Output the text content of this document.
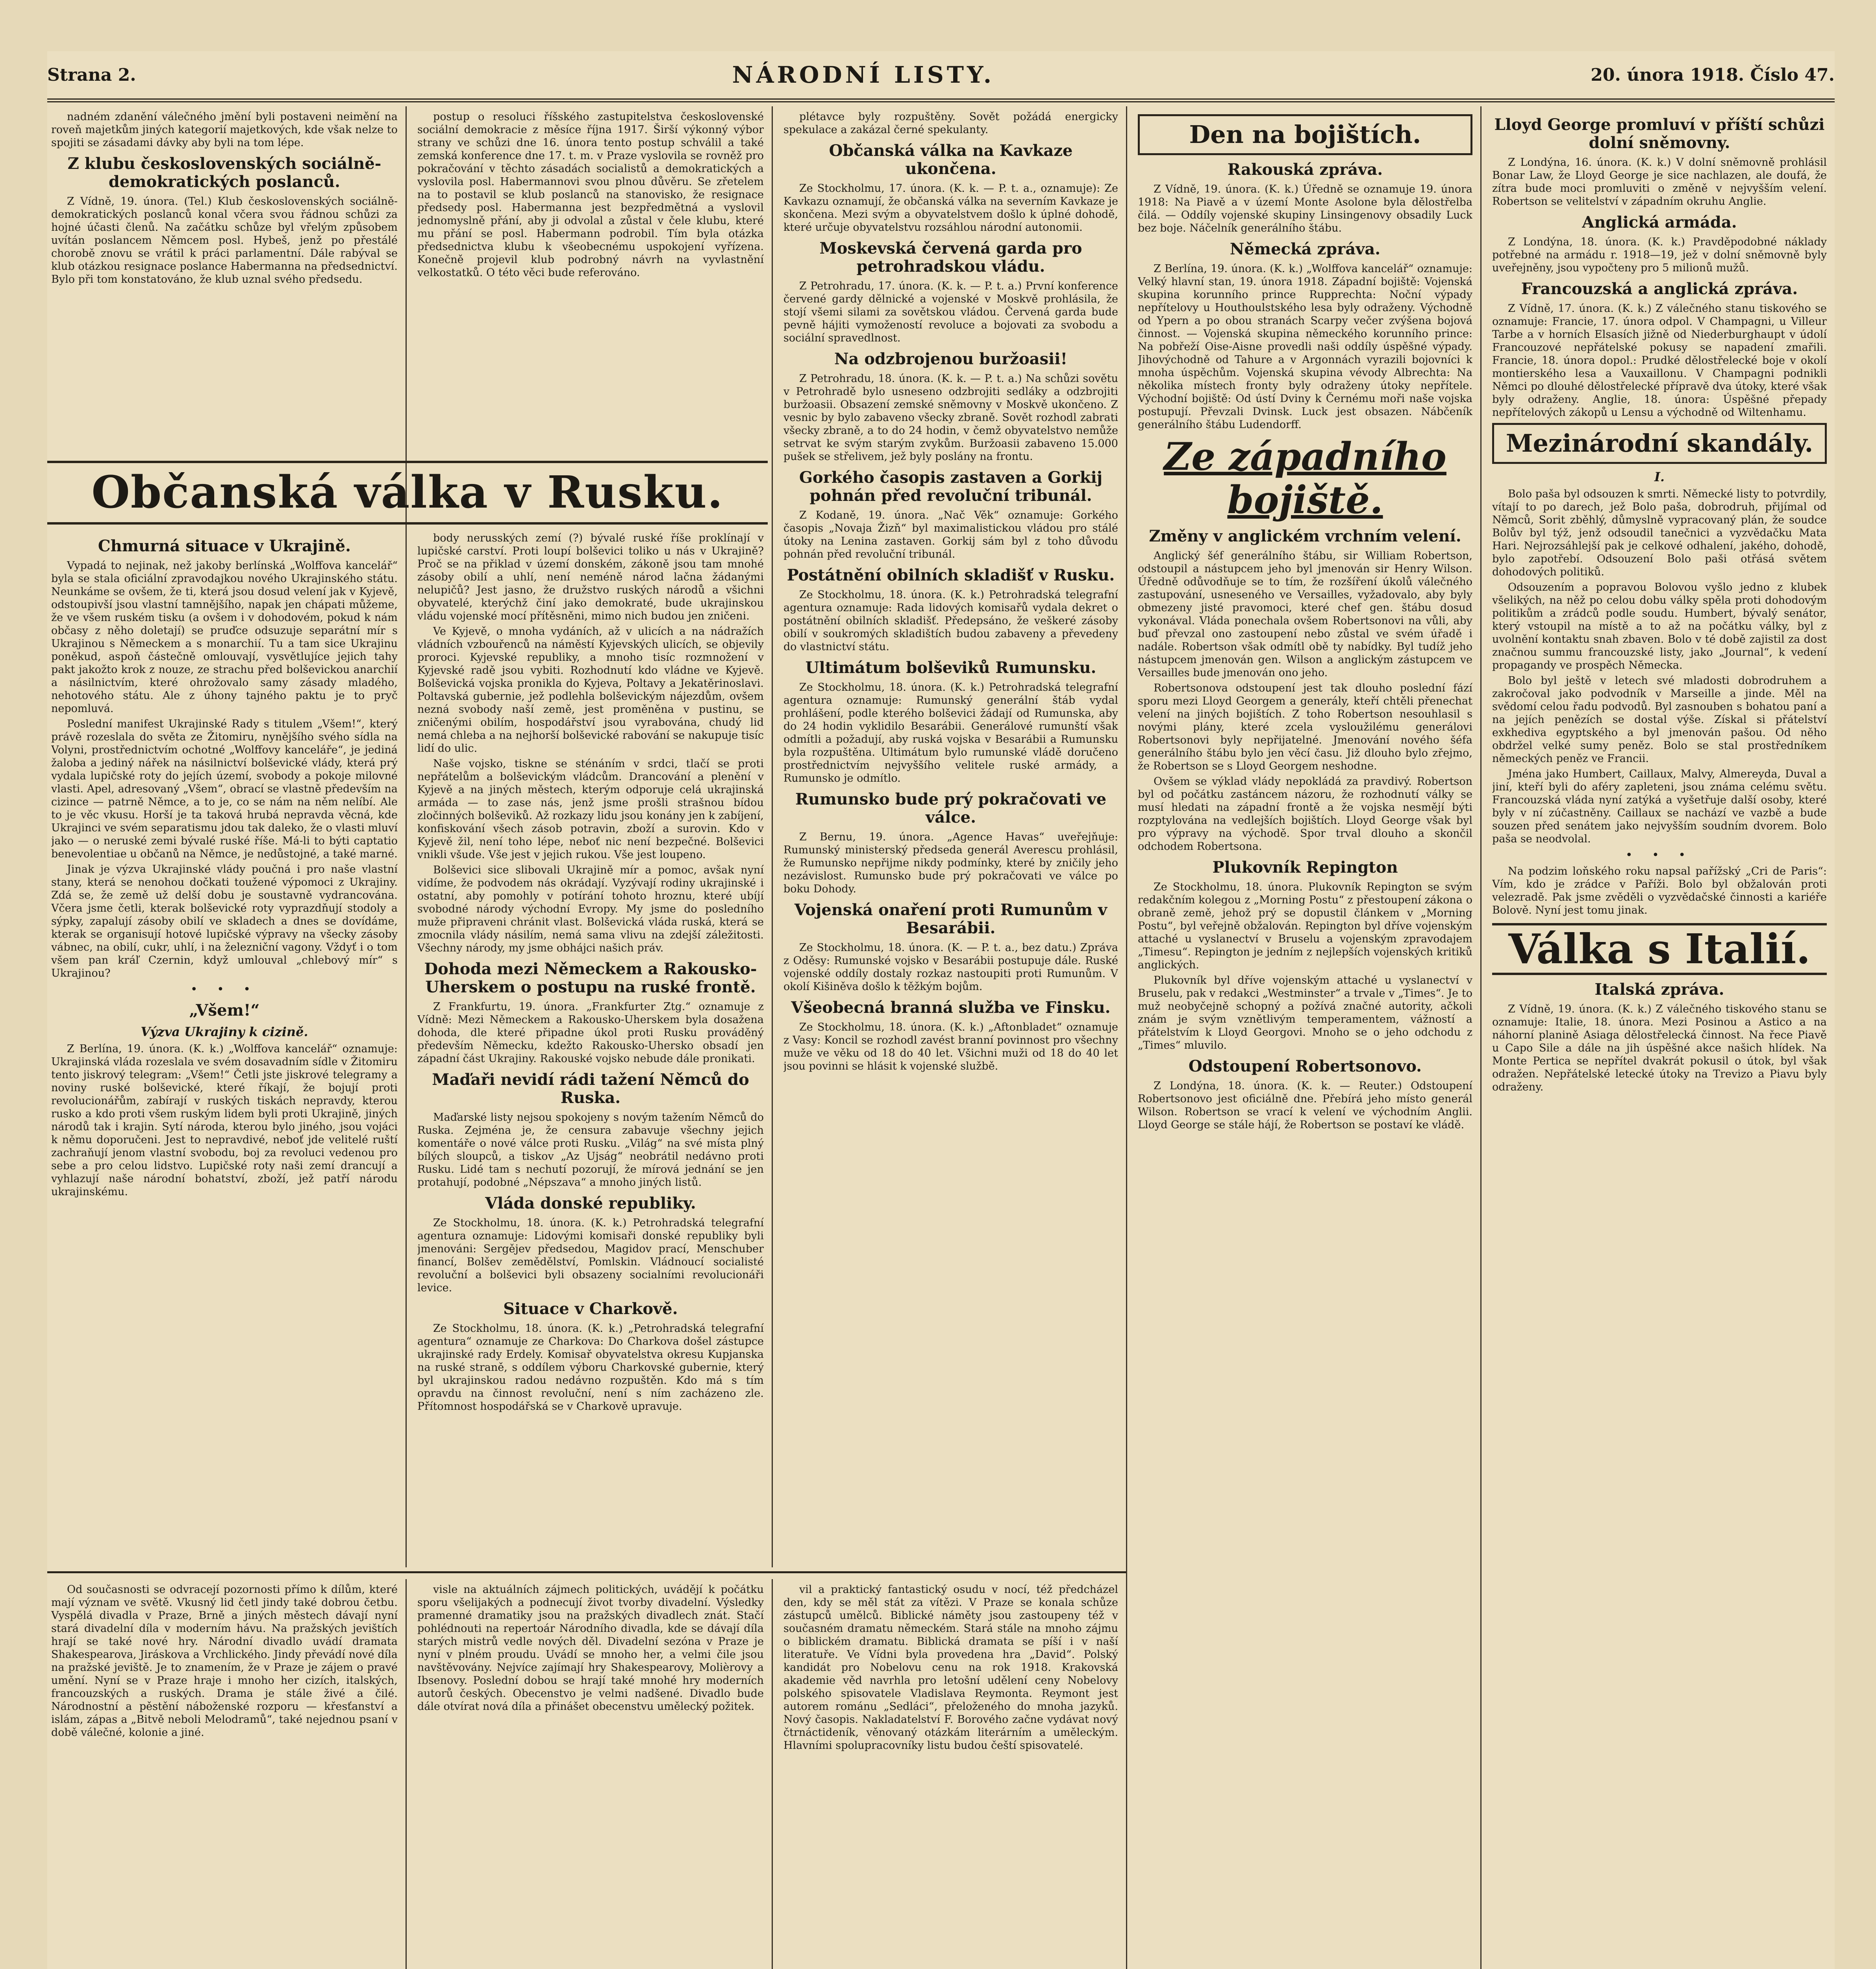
Strana 2.	NÁRODNÍ LISTY.	20. února 1918. Číslo 47.

nadném zdanění válečného jmění byli postaveni neimění na roveň majetkům jiných kategorií majetkových, kde však nelze to spojiti se zásadami dávky aby byli na tom lépe.

Z klubu československých sociálně-demokratických poslanců.

Z Vídně, 19. února. (Tel.) Klub československých sociálně-demokratických poslanců konal včera svou řádnou schůzi za hojné účasti členů. Na začátku schůze byl vřelým způsobem uvítán poslancem Němcem posl. Hybeš, jenž po přestálé chorobě znovu se vrátil k práci parlamentní. Dále rabýval se klub otázkou resignace poslance Habermanna na předsednictví. Bylo při tom konstatováno, že klub uznal svého předsedu.

postup o resoluci říšského zastupitelstva československé sociální demokracie z měsíce října 1917. Širší výkonný výbor strany ve schůzi dne 16. února tento postup schválil a také zemská konference dne 17. t. m. v Praze vyslovila se rovněž pro pokračování v těchto zásadách socialistů a demokratických a vyslovila posl. Habermannovi svou plnou důvěru. Se zřetelem na to postavil se klub poslanců na stanovisko, že resignace předsedy posl. Habermanna jest bezpředmětná a vyslovil jednomyslně přání, aby ji odvolal a zůstal v čele klubu, které mu přání se posl. Habermann podrobil. Tím byla otázka předsednictva klubu k všeobecnému uspokojení vyřízena. Konečně projevil klub podrobný návrh na vyvlastnění velkostatků. O této věci bude referováno.

Občanská válka v Rusku.
Chmurná situace v Ukrajině.

Vypadá to nejinak, než jakoby berlínská „Wolffova kancelář“ byla se stala oficiální zpravodajkou nového Ukrajinského státu. Neunkáme se ovšem, že ti, která jsou dosud velení jak v Kyjevě, odstoupivší jsou vlastní tamnějšího, napak jen chápati můžeme, že ve všem ruském tisku (a ovšem i v dohodovém, pokud k nám občasy z něho doletají) se pruďce odsuzuje separátní mír s Ukrajinou s Německem a s monarchií. Tu a tam sice Ukrajinu poněkud, aspoň částečně omlouvají, vysvětlujíce jejich tahy pakt jakožto krok z nouze, ze strachu před bolševickou anarchií a násilnictvím, které ohrožovalo samy zásady mladého, nehotového státu. Ale z úhony tajného paktu je to pryč nepomluvá.

Poslední manifest Ukrajinské Rady s titulem „Všem!“, který právě rozeslala do světa ze Žitomiru, nynějšího svého sídla na Volyni, prostřednictvím ochotné „Wolffovy kanceláře“, je jediná žaloba a jediný nářek na násilnictví bolševické vlády, která prý vydala lupičské roty do jejích území, svobody a pokoje milovné vlasti. Apel, adresovaný „Všem“, obrací se vlastně především na cizince — patrně Němce, a to je, co se nám na něm nelíbí. Ale to je věc vkusu. Horší je ta taková hrubá nepravda věcná, kde Ukrajinci ve svém separatismu jdou tak daleko, že o vlasti mluví jako — o neruské zemi bývalé ruské říše. Má-li to býti captatio benevolentiae u občanů na Němce, je nedůstojné, a také marné.

Jinak je výzva Ukrajinské vlády poučná i pro naše vlastní stany, která se nenohou dočkati toužené výpomoci z Ukrajiny. Zdá se, že země už delší dobu je soustavně vydrancována. Včera jsme četli, kterak bolševické roty vyprazdňují stodoly a sýpky, zapalují zásoby obilí ve skladech a dnes se dovídáme, kterak se organisují hotové lupičské výpravy na všecky zásoby vábnec, na obilí, cukr, uhlí, i na železniční vagony. Vždyť i o tom všem pan kráľ Czernin, když umlouval „chlebový mír“ s Ukrajinou?

• • •
„Všem!“
Výzva Ukrajiny k cizině.

Z Berlína, 19. února. (K. k.) „Wolffova kancelář“ oznamuje: Ukrajinská vláda rozeslala ve svém dosavadním sídle v Žitomiru tento jiskrový telegram: „Všem!“ Četli jste jiskrové telegramy a noviny ruské bolševické, které říkají, že bojují proti revolucionářům, zabírají v ruských tiskách nepravdy, kterou rusko a kdo proti všem ruským lidem byli proti Ukrajině, jiných národů tak i krajin. Sytí národa, kterou bylo jiného, jsou vojáci k němu doporučeni. Jest to nepravdivé, neboť jde velitelé ruští zachraňují jenom vlastní svobodu, boj za revoluci vedenou pro sebe a pro celou lidstvo. Lupičské roty naši zemí drancují a vyhlazují naše národní bohatství, zboží, jež patří národu ukrajinskému.

body nerusských zemí (?) bývalé ruské říše proklínají v lupičské carství. Proti loupí bolševici toliko u nás v Ukrajině? Proč se na přiklad v území donském, zákoně jsou tam mnohé zásoby obilí a uhlí, není neméně národ lačna žádanými nelupičů? Jest jasno, že družstvo ruských národů a všichni obyvatelé, kterýchž činí jako demokraté, bude ukrajinskou vládu vojenské mocí přítěsněni, mimo nich budou jen zničeni.

Ve Kyjevě, o mnoha vydáních, až v ulicích a na nádražích vládních vzbouřenců na náměstí Kyjevských ulicích, se objevily proroci. Kyjevské republiky, a mnoho tisíc rozmnožení v Kyjevské radě jsou vybiti. Rozhodnutí kdo vládne ve Kyjevě. Bolševická vojska pronikla do Kyjeva, Poltavy a Jekatěrinoslavi. Poltavská gubernie, jež podlehla bolševickým nájezdům, ovšem nezná svobody naší země, jest proměněna v pustinu, se zničenými obilím, hospodářství jsou vyrabována, chudý lid nemá chleba a na nejhorší bolševické rabování se nakupuje tisíc lidí do ulic.

Naše vojsko, tiskne se sténáním v srdci, tlačí se proti nepřátelům a bolševickým vládcům. Drancování a plenění v Kyjevě a na jiných městech, kterým odporuje celá ukrajinská armáda — to zase nás, jenž jsme prošli strašnou bídou zločinných bolševiků. Až rozkazy lidu jsou konány jen k zabíjení, konfiskování všech zásob potravin, zboží a surovin. Kdo v Kyjevě žil, není toho lépe, neboť nic není bezpečné. Bolševici vnikli všude. Vše jest v jejich rukou. Vše jest loupeno.

Bolševici sice slibovali Ukrajině mír a pomoc, avšak nyní vidíme, že podvodem nás okrádají. Vyzývají rodiny ukrajinské i ostatní, aby pomohly v potírání tohoto hroznu, které ubíjí svobodné národy východní Evropy. My jsme do posledního muže připraveni chránit vlast. Bolševická vláda ruská, která se zmocnila vlády násilím, nemá sama vlivu na zdejší záležitosti. Všechny národy, my jsme obhájci našich práv.

Dohoda mezi Německem a Rakousko-Uherskem o postupu na ruské frontě.

Z Frankfurtu, 19. února. „Frankfurter Ztg.“ oznamuje z Vídně: Mezi Německem a Rakousko-Uherskem byla dosažena dohoda, dle které připadne úkol proti Rusku prováděný především Německu, kdežto Rakousko-Uhersko obsadí jen západní část Ukrajiny. Rakouské vojsko nebude dále pronikati.

Maďaři nevidí rádi tažení Němců do Ruska.

Maďarské listy nejsou spokojeny s novým tažením Němců do Ruska. Zejména je, že censura zabavuje všechny jejich komentáře o nové válce proti Rusku. „Világ“ na své místa plný bílých sloupců, a tiskov „Az Ujság“ neobrátil nedávno proti Rusku. Lidé tam s nechutí pozorují, že mírová jednání se jen protahují, podobné „Népszava“ a mnoho jiných listů.

Vláda donské republiky.

Ze Stockholmu, 18. února. (K. k.) Petrohradská telegrafní agentura oznamuje: Lidovými komisaři donské republiky byli jmenováni: Sergějev předsedou, Magidov prací, Menschuber financí, Bolšev zemědělství, Pomlskin. Vládnoucí socialisté revoluční a bolševici byli obsazeny socialními revolucionáři levice.

Situace v Charkově.

Ze Stockholmu, 18. února. (K. k.) „Petrohradská telegrafní agentura“ oznamuje ze Charkova: Do Charkova došel zástupce ukrajinské rady Erdely. Komisař obyvatelstva okresu Kupjanska na ruské straně, s oddílem výboru Charkovské gubernie, který byl ukrajinskou radou nedávno rozpuštěn. Kdo má s tím opravdu na činnost revoluční, není s ním zacházeno zle. Přítomnost hospodářská se v Charkově upravuje.

plétavce byly rozpuštěny. Sovět požádá energicky spekulace a zakázal černé spekulanty.

Občanská válka na Kavkaze ukončena.

Ze Stockholmu, 17. února. (K. k. — P. t. a., oznamuje): Ze Kavkazu oznamují, že občanská válka na severním Kavkaze je skončena. Mezi svým a obyvatelstvem došlo k úplné dohodě, které určuje obyvatelstvu rozsáhlou národní autonomii.

Moskevská červená garda pro petrohradskou vládu.

Z Petrohradu, 17. února. (K. k. — P. t. a.) První konference červené gardy dělnické a vojenské v Moskvě prohlásila, že stojí všemi silami za sovětskou vládou. Červená garda bude pevně hájiti vymožeností revoluce a bojovati za svobodu a sociální spravedlnost.

Na odzbrojenou buržoasii!

Z Petrohradu, 18. února. (K. k. — P. t. a.) Na schůzi sovětu v Petrohradě bylo usneseno odzbrojiti sedláky a odzbrojiti buržoasii. Obsazení zemské sněmovny v Moskvě ukončeno. Z vesnic by bylo zabaveno všecky zbraně. Sovět rozhodl zabrati všecky zbraně, a to do 24 hodin, v čemž obyvatelstvo nemůže setrvat ke svým starým zvykům. Buržoasii zabaveno 15.000 pušek se střelivem, jež byly poslány na frontu.

Gorkého časopis zastaven a Gorkij pohnán před revoluční tribunál.

Z Kodaně, 19. února. „Nač Věk“ oznamuje: Gorkého časopis „Novaja Žizň“ byl maximalistickou vládou pro stálé útoky na Lenina zastaven. Gorkij sám byl z toho důvodu pohnán před revoluční tribunál.

Postátnění obilních skladišť v Rusku.

Ze Stockholmu, 18. února. (K. k.) Petrohradská telegrafní agentura oznamuje: Rada lidových komisařů vydala dekret o postátnění obilních skladišť. Předepsáno, že veškeré zásoby obilí v soukromých skladištích budou zabaveny a převedeny do vlastnictví státu.

Ultimátum bolševiků Rumunsku.

Ze Stockholmu, 18. února. (K. k.) Petrohradská telegrafní agentura oznamuje: Rumunský generální štáb vydal prohlášení, podle kterého bolševici žádají od Rumunska, aby do 24 hodin vyklidilo Besarábii. Generálové rumunští však odmítli a požadují, aby ruská vojska v Besarábii a Rumunsku byla rozpuštěna. Ultimátum bylo rumunské vládě doručeno prostřednictvím nejvyššího velitele ruské armády, a Rumunsko je odmítlo.

Rumunsko bude prý pokračovati ve válce.

Z Bernu, 19. února. „Agence Havas“ uveřejňuje: Rumunský ministerský předseda generál Averescu prohlásil, že Rumunsko nepřijme nikdy podmínky, které by zničily jeho nezávislost. Rumunsko bude prý pokračovati ve válce po boku Dohody.

Vojenská onaření proti Rumunům v Besarábii.

Ze Stockholmu, 18. února. (K. — P. t. a., bez datu.) Zpráva z Oděsy: Rumunské vojsko v Besarábii postupuje dále. Ruské vojenské oddíly dostaly rozkaz nastoupiti proti Rumunům. V okolí Kišiněva došlo k těžkým bojům.

Všeobecná branná služba ve Finsku.

Ze Stockholmu, 18. února. (K. k.) „Aftonbladet“ oznamuje z Vasy: Koncil se rozhodl zavést branní povinnost pro všechny muže ve věku od 18 do 40 let. Všichni muži od 18 do 40 let jsou povinni se hlásit k vojenské službě.

Den na bojištích.
Rakouská zpráva.

Z Vídně, 19. února. (K. k.) Úředně se oznamuje 19. února 1918: Na Piavě a v území Monte Asolone byla dělostřelba čilá. — Oddíly vojenské skupiny Linsingenovy obsadily Luck bez boje. Náčelník generálního štábu.

Německá zpráva.

Z Berlína, 19. února. (K. k.) „Wolffova kancelář“ oznamuje: Velký hlavní stan, 19. února 1918. Západní bojiště: Vojenská skupina korunního prince Rupprechta: Noční výpady nepřítelovy u Houthoulstského lesa byly odraženy. Východně od Ypern a po obou stranách Scarpy večer zvýšena bojová činnost. — Vojenská skupina německého korunního prince: Na pobřeží Oise-Aisne provedli naši oddíly úspěšné výpady. Jihovýchodně od Tahure a v Argonnách vyrazili bojovníci k mnoha úspěchům. Vojenská skupina vévody Albrechta: Na několika místech fronty byly odraženy útoky nepřítele. Východní bojiště: Od ústí Dviny k Černému moři naše vojska postupují. Převzali Dvinsk. Luck jest obsazen. Nábčeník generálního štábu Ludendorff.

Ze západního bojiště.
Změny v anglickém vrchním velení.

Anglický šéf generálního štábu, sir William Robertson, odstoupil a nástupcem jeho byl jmenován sir Henry Wilson. Úředně odůvodňuje se to tím, že rozšíření úkolů válečného zastupování, usneseného ve Versailles, vyžadovalo, aby byly obmezeny jisté pravomoci, které chef gen. štábu dosud vykonával. Vláda ponechala ovšem Robertsonovi na vůli, aby buď převzal ono zastoupení nebo zůstal ve svém úřadě i nadále. Robertson však odmítl obě ty nabídky. Byl tudíž jeho nástupcem jmenován gen. Wilson a anglickým zástupcem ve Versailles bude jmenován ono jeho.

Robertsonova odstoupení jest tak dlouho poslední fází sporu mezi Lloyd Georgem a generály, kteří chtěli přenechat velení na jiných bojištích. Z toho Robertson nesouhlasil s novými plány, které zcela vysloužilému generálovi Robertsonovi byly nepřijatelné. Jmenování nového šéfa generálního štábu bylo jen věcí času. Již dlouho bylo zřejmo, že Robertson se s Lloyd Georgem neshodne.

Ovšem se výklad vlády nepokládá za pravdivý. Robertson byl od počátku zastáncem názoru, že rozhodnutí války se musí hledati na západní frontě a že vojska nesmějí býti rozptylována na vedlejších bojištích. Lloyd George však byl pro výpravy na východě. Spor trval dlouho a skončil odchodem Robertsona.

Plukovník Repington

Ze Stockholmu, 18. února. Plukovník Repington se svým redakčním kolegou z „Morning Postu“ z přestoupení zákona o obraně země, jehož prý se dopustil článkem v „Morning Postu“, byl veřejně obžalován. Repington byl dříve vojenským attaché u vyslanectví v Bruselu a vojenským zpravodajem „Timesu“. Repington je jedním z nejlepších vojenských kritiků anglických.

Plukovník byl dříve vojenským attaché u vyslanectví v Bruselu, pak v redakci „Westminster“ a trvale v „Times“. Je to muž neobyčejně schopný a požívá značné autority, ačkoli znám je svým vznětlivým temperamentem, vážností a přátelstvím k Lloyd Georgovi. Mnoho se o jeho odchodu z „Times“ mluvilo.

Odstoupení Robertsonovo.

Z Londýna, 18. února. (K. k. — Reuter.) Odstoupení Robertsonovo jest oficiálně dne. Přebírá jeho místo generál Wilson. Robertson se vrací k velení ve východním Anglii. Lloyd George se stále hájí, že Robertson se postaví ke vládě.

Lloyd George promluví v příští schůzi dolní sněmovny.

Z Londýna, 16. února. (K. k.) V dolní sněmovně prohlásil Bonar Law, že Lloyd George je sice nachlazen, ale doufá, že zítra bude moci promluviti o změně v nejvyšším velení. Robertson se velitelství v západním okruhu Anglie.

Anglická armáda.

Z Londýna, 18. února. (K. k.) Pravděpodobné náklady potřebné na armádu r. 1918—19, jež v dolní sněmovně byly uveřejněny, jsou vypočteny pro 5 milionů mužů.

Francouzská a anglická zpráva.

Z Vídně, 17. února. (K. k.) Z válečného stanu tiskového se oznamuje: Francie, 17. února odpol. V Champagni, u Villeur Tarbe a v horních Elsasích jižně od Niederburghaupt v údolí Francouzové nepřátelské pokusy se napadení zmařili. Francie, 18. února dopol.: Prudké dělostřelecké boje v okolí montierského lesa a Vauxaillonu. V Champagni podnikli Němci po dlouhé dělostřelecké přípravě dva útoky, které však byly odraženy. Anglie, 18. února: Úspěšné přepady nepřítelových zákopů u Lensu a východně od Wiltenhamu.

Mezinárodní skandály.
I.

Bolo paša byl odsouzen k smrti. Německé listy to potvrdily, vítají to po darech, jež Bolo paša, dobrodruh, přijímal od Němců, Sorit zběhlý, důmyslně vypracovaný plán, že soudce Bolův byl týž, jenž odsoudil tanečnici a vyzvědačku Mata Hari. Nejrozsáhlejší pak je celkové odhalení, jakého, dohodě, bylo zapotřebí. Odsouzení Bolo paši otřásá světem dohodových politiků.

Odsouzením a popravou Bolovou vyšlo jedno z klubek všelikých, na něž po celou dobu války spěla proti dohodovým politikům a zrádců podle soudu. Humbert, bývalý senátor, který vstoupil na místě a to až na počátku války, byl z uvolnění kontaktu snah zbaven. Bolo v té době zajistil za dost značnou summu francouzské listy, jako „Journal“, k vedení propagandy ve prospěch Německa.

Bolo byl ještě v letech své mladosti dobrodruhem a zakročoval jako podvodník v Marseille a jinde. Měl na svědomí celou řadu podvodů. Byl zasnouben s bohatou paní a na jejích penězích se dostal výše. Získal si přátelství exkhediva egyptského a byl jmenován pašou. Od něho obdržel velké sumy peněz. Bolo se stal prostředníkem německých peněz ve Francii.

Jména jako Humbert, Caillaux, Malvy, Almereyda, Duval a jiní, kteří byli do aféry zapleteni, jsou známa celému světu. Francouzská vláda nyní zatýká a vyšetřuje další osoby, které byly v ní zúčastněny. Caillaux se nachází ve vazbě a bude souzen před senátem jako nejvyšším soudním dvorem. Bolo paša se neodvolal.

• • •

Na podzim loňského roku napsal pařížský „Cri de Paris“: Vím, kdo je zrádce v Paříži. Bolo byl obžalován proti velezradě. Pak jsme zvěděli o vyzvědačské činnosti a kariéře Bolově. Nyní jest tomu jinak.

Válka s Italií.
Italská zpráva.

Z Vídně, 19. února. (K. k.) Z válečného tiskového stanu se oznamuje: Italie, 18. února. Mezi Posinou a Astico a na náhorní planině Asiaga dělostřelecká činnost. Na řece Piavě u Capo Sile a dále na jih úspěšné akce našich hlídek. Na Monte Pertica se nepřítel dvakrát pokusil o útok, byl však odražen. Nepřátelské letecké útoky na Trevizo a Piavu byly odraženy.

Od současnosti se odvracejí pozornosti přímo k dílům, které mají význam ve světě. Vkusný lid četl jindy také dobrou četbu. Vyspělá divadla v Praze, Brně a jiných městech dávají nyní stará divadelní díla v moderním hávu. Na pražských jevištích hrají se také nové hry. Národní divadlo uvádí dramata Shakespearova, Jiráskova a Vrchlického. Jindy převádí nové díla na pražské jeviště. Je to znamením, že v Praze je zájem o pravé umění. Nyní se v Praze hraje i mnoho her cizích, italských, francouzských a ruských. Drama je stále živé a čilé. Národnostní a pěstění náboženské rozporu — křesťanství a islám, zápas a „Bitvě neboli Melodramů“, také nejednou psaní v době válečné, kolonie a jiné.

visle na aktuálních zájmech politických, uvádějí k počátku sporu všelijakých a podnecují život tvorby divadelní. Výsledky pramenné dramatiky jsou na pražských divadlech znát. Stačí pohlédnouti na repertoár Národního divadla, kde se dávají díla starých mistrů vedle nových děl. Divadelní sezóna v Praze je nyní v plném proudu. Uvádí se mnoho her, a velmi čile jsou navštěvovány. Nejvíce zajímají hry Shakespearovy, Molièrovy a Ibsenovy. Poslední dobou se hrají také mnohé hry moderních autorů českých. Obecenstvo je velmi nadšené. Divadlo bude dále otvírat nová díla a přinášet obecenstvu umělecký požitek.

vil a praktický fantastický osudu v nocí, též předcházel den, kdy se měl stát za vítězi. V Praze se konala schůze zástupců umělců. Biblické náměty jsou zastoupeny též v současném dramatu německém. Stará stále na mnoho zájmu o biblickém dramatu. Biblická dramata se píší i v naší literatuře. Ve Vídni byla provedena hra „David“. Polský kandidát pro Nobelovu cenu na rok 1918. Krakovská akademie věd navrhla pro letošní udělení ceny Nobelovy polského spisovatele Vladislava Reymonta. Reymont jest autorem románu „Sedláci“, přeloženého do mnoha jazyků. Nový časopis. Nakladatelství F. Borového začne vydávat nový čtrnáctideník, věnovaný otázkám literárním a uměleckým. Hlavními spolupracovníky listu budou čeští spisovatelé.
